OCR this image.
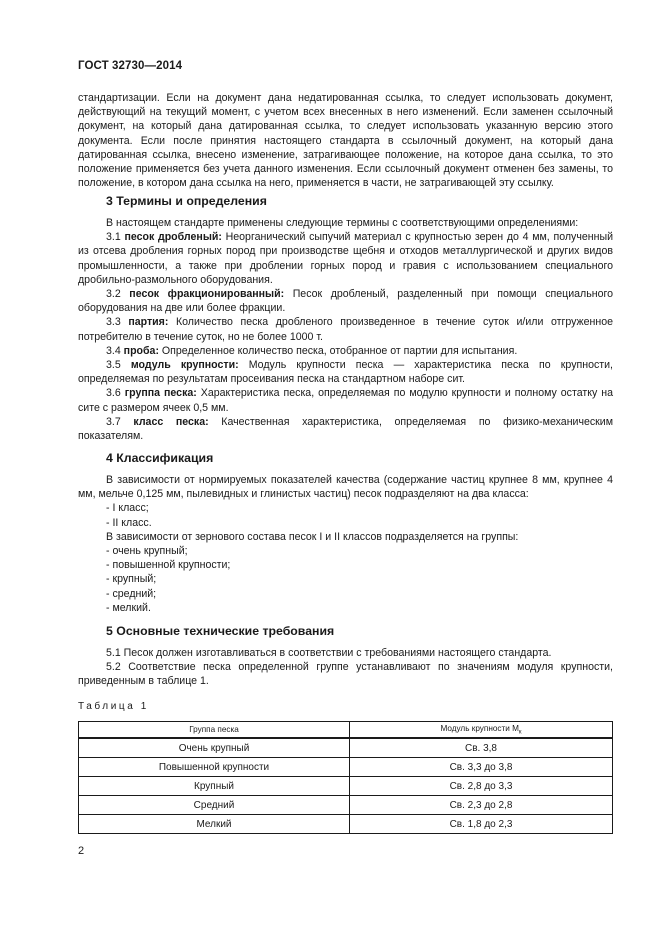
ГОСТ 32730—2014

стандартизации. Если на документ дана недатированная ссылка, то следует использовать документ, действующий на текущий момент, с учетом всех внесенных в него изменений. Если заменен ссылочный документ, на который дана датированная ссылка, то следует использовать указанную версию этого документа. Если после принятия настоящего стандарта в ссылочный документ, на который дана датированная ссылка, внесено изменение, затрагивающее положение, на которое дана ссылка, то это положение применяется без учета данного изменения. Если ссылочный документ отменен без замены, то положение, в котором дана ссылка на него, применяется в части, не затрагивающей эту ссылку.

3 Термины и определения

В настоящем стандарте применены следующие термины с соответствующими определениями:

3.1 песок дробленый: Неорганический сыпучий материал с крупностью зерен до 4 мм, полученный из отсева дробления горных пород при производстве щебня и отходов металлургической и других видов промышленности, а также при дроблении горных пород и гравия с использованием специального дробильно-размольного оборудования.

3.2 песок фракционированный: Песок дробленый, разделенный при помощи специального оборудования на две или более фракции.

3.3 партия: Количество песка дробленого произведенное в течение суток и/или отгруженное потребителю в течение суток, но не более 1000 т.

3.4 проба: Определенное количество песка, отобранное от партии для испытания.

3.5 модуль крупности: Модуль крупности песка — характеристика песка по крупности, определяемая по результатам просеивания песка на стандартном наборе сит.

3.6 группа песка: Характеристика песка, определяемая по модулю крупности и полному остатку на сите с размером ячеек 0,5 мм.

3.7 класс песка: Качественная характеристика, определяемая по физико-механическим показателям.

4 Классификация

В зависимости от нормируемых показателей качества (содержание частиц крупнее 8 мм, крупнее 4 мм, мельче 0,125 мм, пылевидных и глинистых частиц) песок подразделяют на два класса:

- I класс;

- II класс.

В зависимости от зернового состава песок I и II классов подразделяется на группы:

- очень крупный;

- повышенной крупности;

- крупный;

- средний;

- мелкий.

5 Основные технические требования

5.1 Песок должен изготавливаться в соответствии с требованиями настоящего стандарта.

5.2 Соответствие песка определенной группе устанавливают по значениям модуля крупности, приведенным в таблице 1.

Таблица 1
Группа песка	Модуль крупности $М_к$
Очень крупный	Св. 3,8
Повышенной крупности	Св. 3,3 до 3,8
Крупный	Св. 2,8 до 3,3
Средний	Св. 2,3 до 2,8
Мелкий	Св. 1,8 до 2,3
2
